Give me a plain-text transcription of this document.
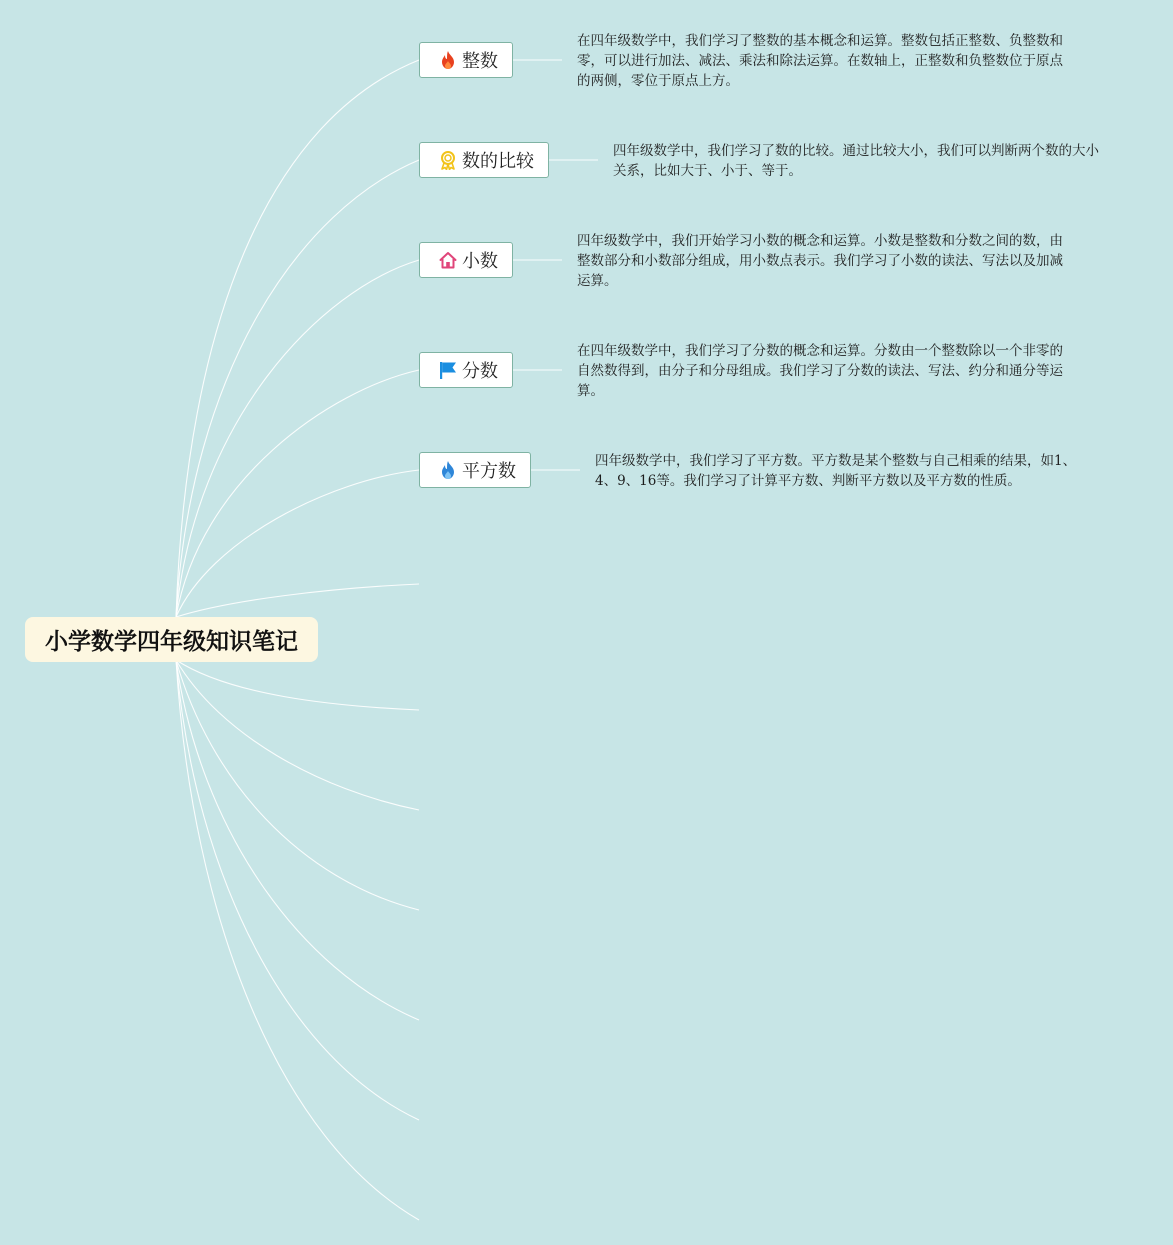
小学数学四年级知识笔记
整数
在四年级数学中，我们学习了整数的基本概念和运算。整数包括正整数、负整数和零，可以进行加法、减法、乘法和除法运算。在数轴上，正整数和负整数位于原点的两侧，零位于原点上方。
数的比较	四年级数学中，我们学习了数的比较。通过比较大小，我们可以判断两个数的大小关系，比如大于、小于、等于。
小数
四年级数学中，我们开始学习小数的概念和运算。小数是整数和分数之间的数，由整数部分和小数部分组成，用小数点表示。我们学习了小数的读法、写法以及加减运算。
分数
在四年级数学中，我们学习了分数的概念和运算。分数由一个整数除以一个非零的自然数得到，由分子和分母组成。我们学习了分数的读法、写法、约分和通分等运算。
平方数	四年级数学中，我们学习了平方数。平方数是某个整数与自己相乘的结果，如1、4、9、16等。我们学习了计算平方数、判断平方数以及平方数的性质。
